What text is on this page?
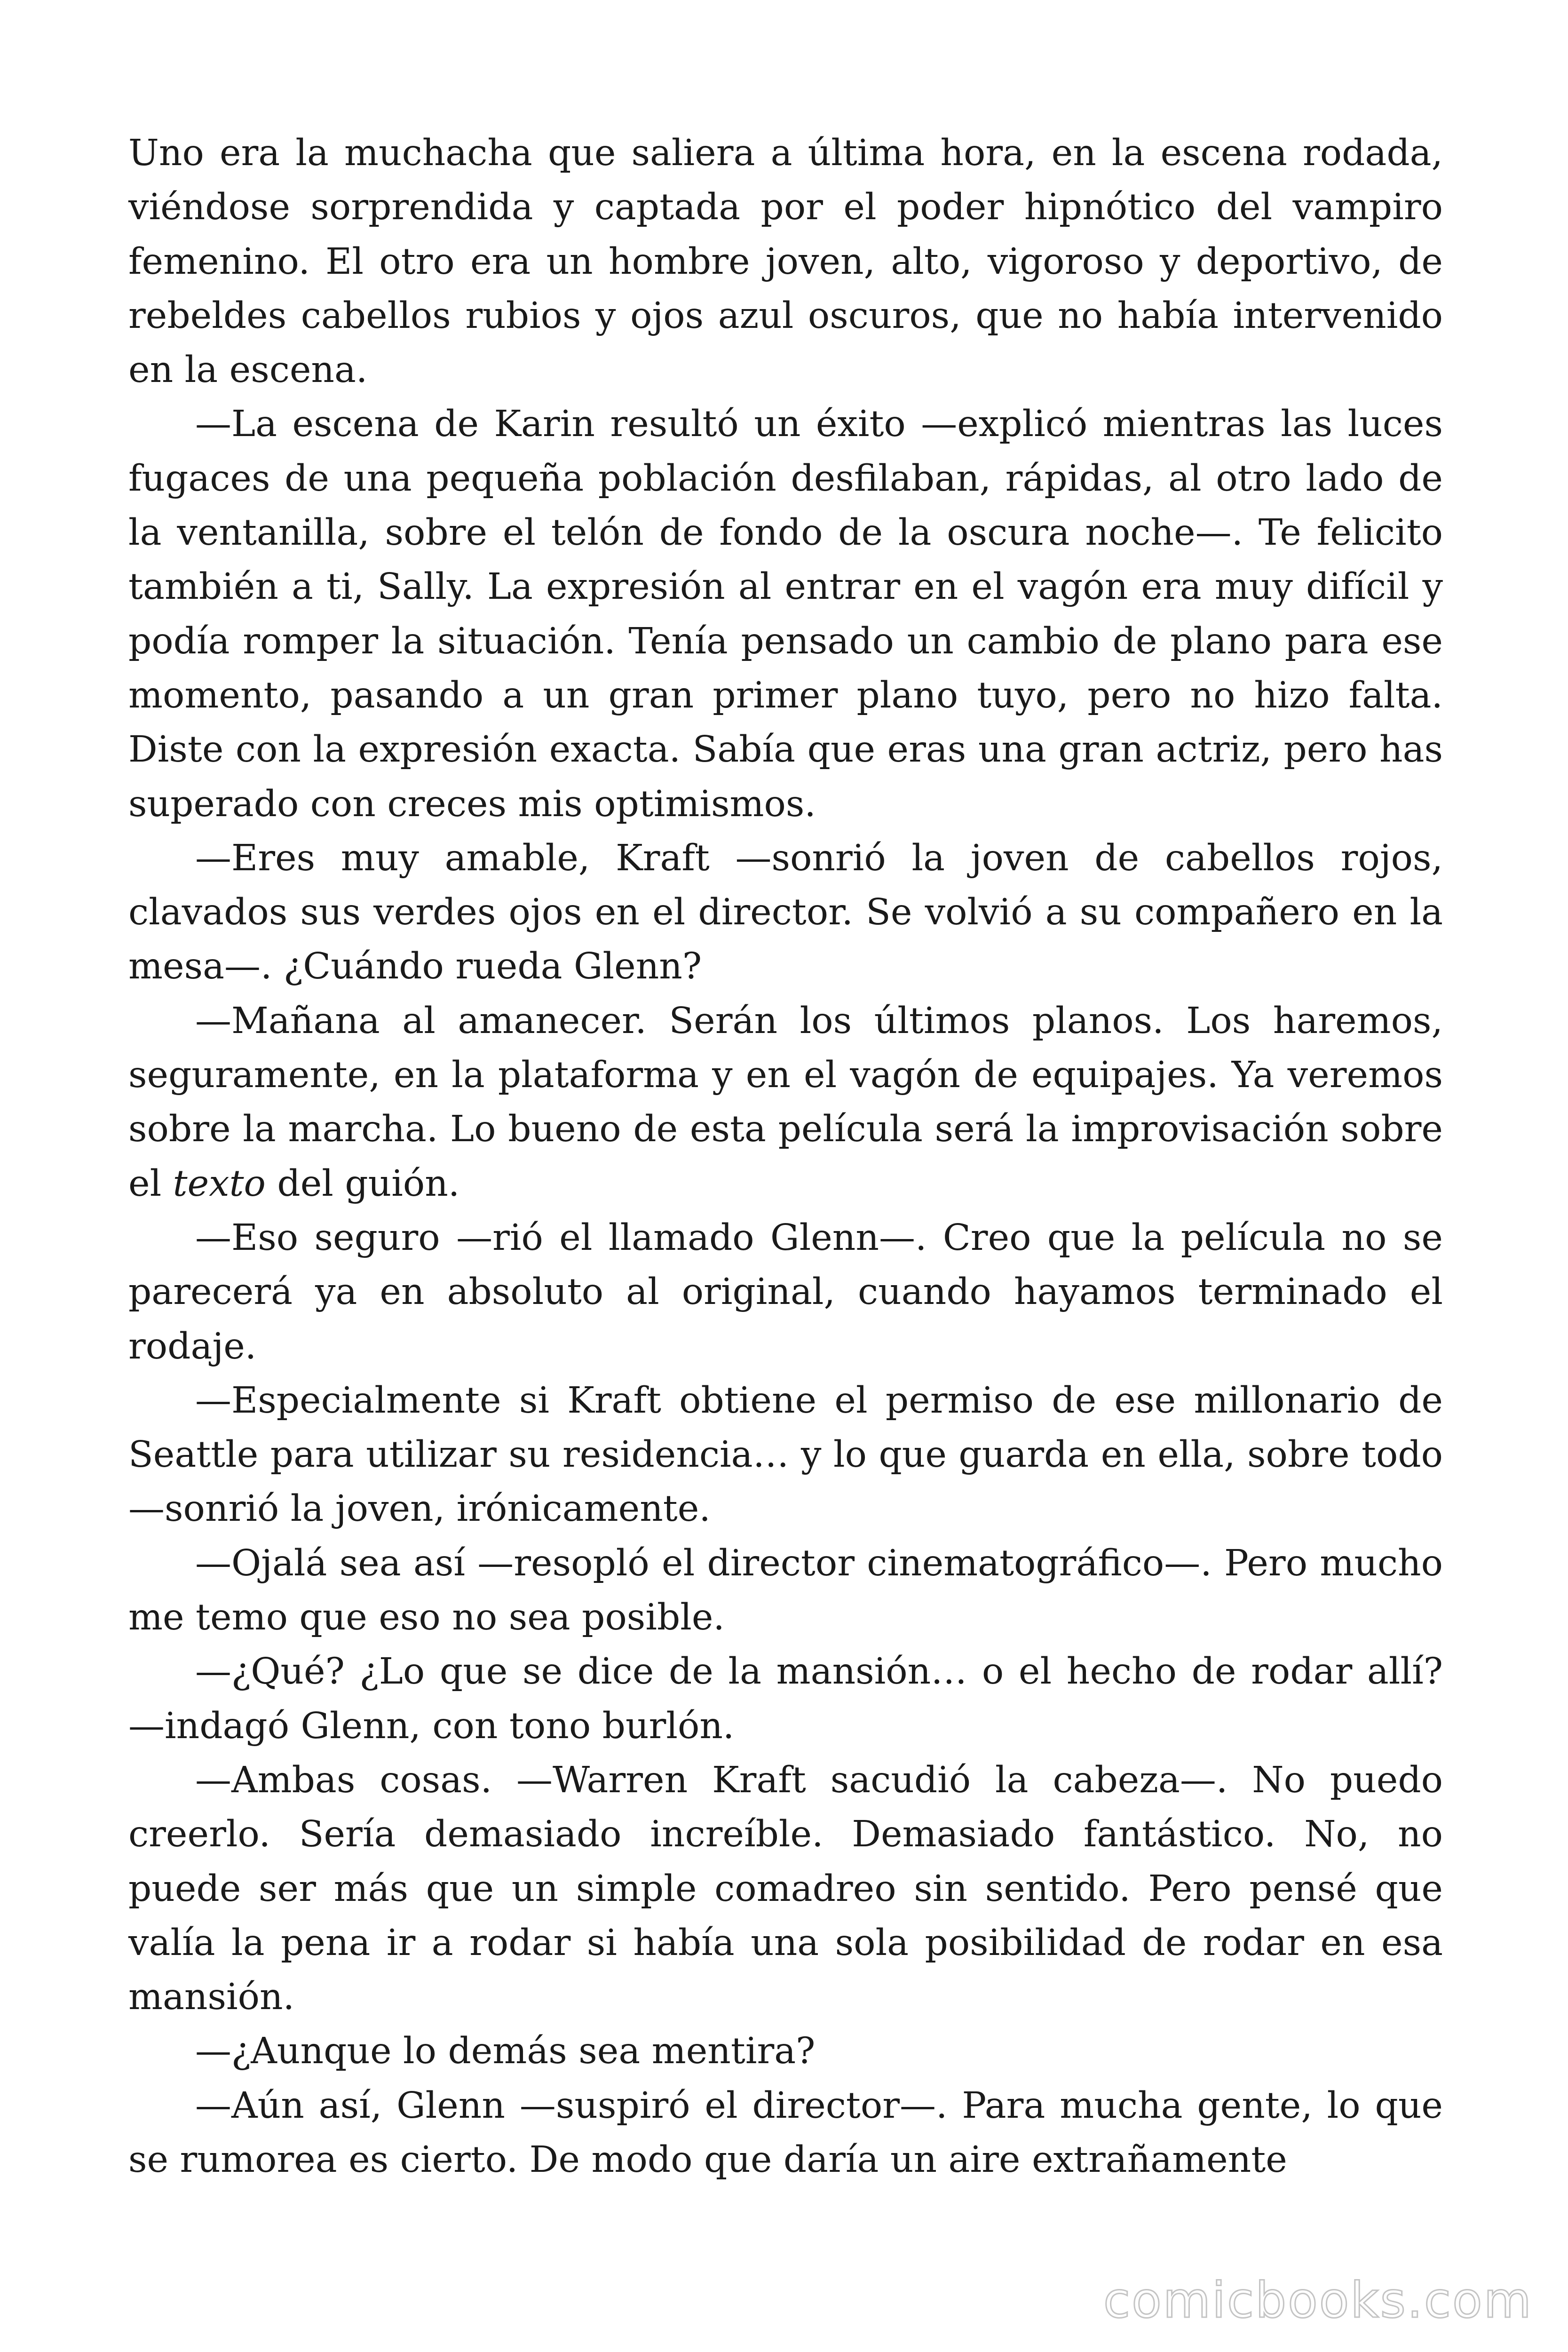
Uno era la muchacha que saliera a última hora, en la escena rodada, viéndose sorprendida y captada por el poder hipnótico del vampiro femenino. El otro era un hombre joven, alto, vigoroso y deportivo, de rebeldes cabellos rubios y ojos azul oscuros, que no había intervenido en la escena.

—La escena de Karin resultó un éxito —explicó mientras las luces fugaces de una pequeña población desfilaban, rápidas, al otro lado de la ventanilla, sobre el telón de fondo de la oscura noche—. Te felicito también a ti, Sally. La expresión al entrar en el vagón era muy difícil y podía romper la situación. Tenía pensado un cambio de plano para ese momento, pasando a un gran primer plano tuyo, pero no hizo falta. Diste con la expresión exacta. Sabía que eras una gran actriz, pero has superado con creces mis optimismos.

—Eres muy amable, Kraft —sonrió la joven de cabellos rojos, clavados sus verdes ojos en el director. Se volvió a su compañero en la mesa—. ¿Cuándo rueda Glenn?

—Mañana al amanecer. Serán los últimos planos. Los haremos, seguramente, en la plataforma y en el vagón de equipajes. Ya veremos sobre la marcha. Lo bueno de esta película será la improvisación sobre el texto del guión.

—Eso seguro —rió el llamado Glenn—. Creo que la película no se parecerá ya en absoluto al original, cuando hayamos terminado el rodaje.

—Especialmente si Kraft obtiene el permiso de ese millonario de Seattle para utilizar su residencia… y lo que guarda en ella, sobre todo —sonrió la joven, irónicamente.

—Ojalá sea así —resopló el director cinematográfico—. Pero mucho me temo que eso no sea posible.

—¿Qué? ¿Lo que se dice de la mansión… o el hecho de rodar allí? —indagó Glenn, con tono burlón.

—Ambas cosas. —Warren Kraft sacudió la cabeza—. No puedo creerlo. Sería demasiado increíble. Demasiado fantástico. No, no puede ser más que un simple comadreo sin sentido. Pero pensé que valía la pena ir a rodar si había una sola posibilidad de rodar en esa mansión.

—¿Aunque lo demás sea mentira?

—Aún así, Glenn —suspiró el director—. Para mucha gente, lo que se rumorea es cierto. De modo que daría un aire extrañamente

comicbooks.com
